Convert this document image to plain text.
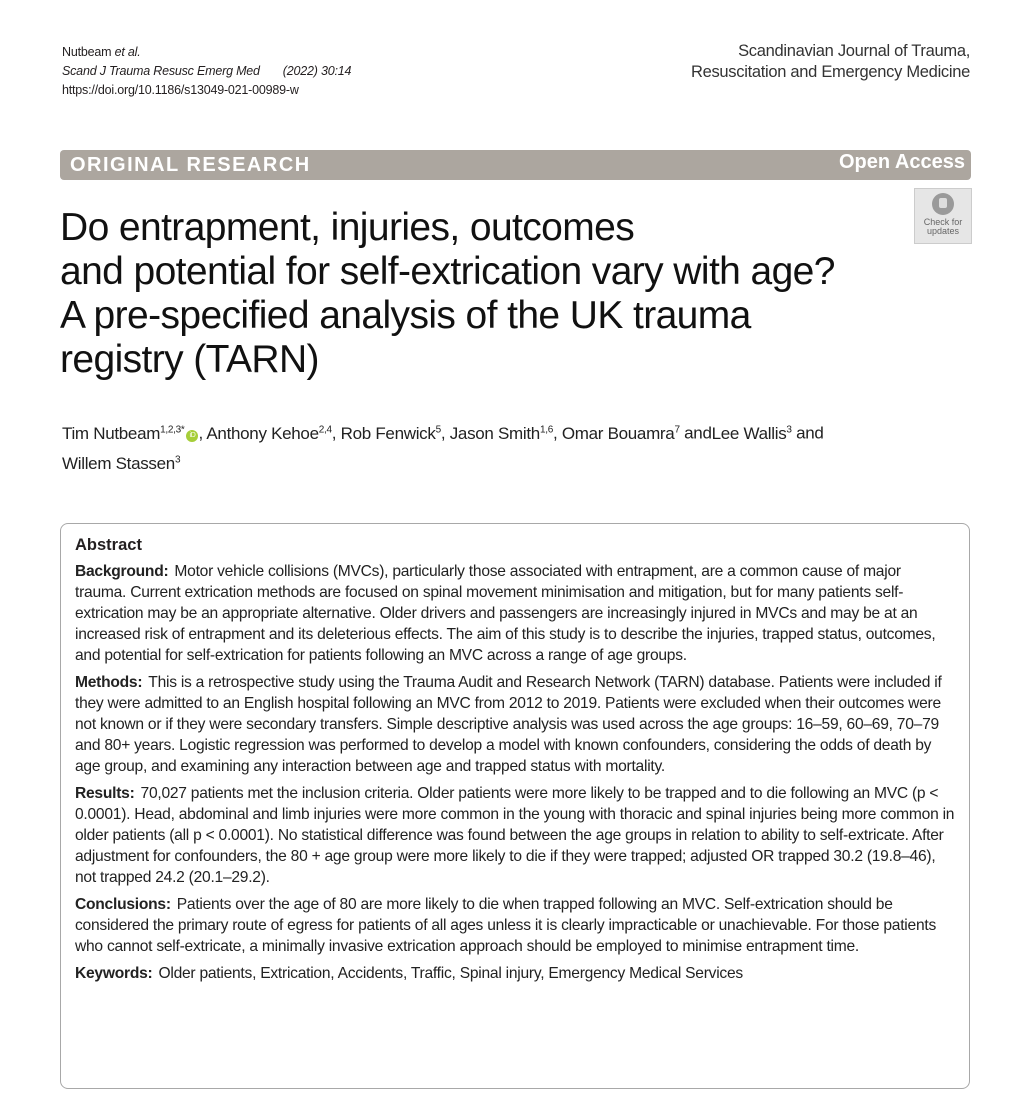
Nutbeam et al.
Scand J Trauma Resusc Emerg Med (2022) 30:14
https://doi.org/10.1186/s13049-021-00989-w
Scandinavian Journal of Trauma,
Resuscitation and Emergency Medicine
ORIGINAL RESEARCH	Open Access
Check for
updates
Do entrapment, injuries, outcomes
and potential for self-extrication vary with age?
A pre-specified analysis of the UK trauma
registry (TARN)
Tim Nutbeam$^{1,2,3*}$iD , Anthony Kehoe$^{2,4}$, Rob Fenwick$^5$, Jason Smith$^{1,6}$, Omar Bouamra$^7$ andLee Wallis$^3$ and
Willem Stassen$^3$
Abstract

Background: Motor vehicle collisions (MVCs), particularly those associated with entrapment, are a common cause of major trauma. Current extrication methods are focused on spinal movement minimisation and mitigation, but for many patients self-extrication may be an appropriate alternative. Older drivers and passengers are increasingly injured in MVCs and may be at an increased risk of entrapment and its deleterious effects. The aim of this study is to describe the injuries, trapped status, outcomes, and potential for self-extrication for patients following an MVC across a range of age groups.

Methods: This is a retrospective study using the Trauma Audit and Research Network (TARN) database. Patients were included if they were admitted to an English hospital following an MVC from 2012 to 2019. Patients were excluded when their outcomes were not known or if they were secondary transfers. Simple descriptive analysis was used across the age groups: 16–59, 60–69, 70–79 and 80+ years. Logistic regression was performed to develop a model with known confounders, considering the odds of death by age group, and examining any interaction between age and trapped status with mortality.

Results: 70,027 patients met the inclusion criteria. Older patients were more likely to be trapped and to die following an MVC (p < 0.0001). Head, abdominal and limb injuries were more common in the young with thoracic and spinal injuries being more common in older patients (all p < 0.0001). No statistical difference was found between the age groups in relation to ability to self-extricate. After adjustment for confounders, the 80 + age group were more likely to die if they were trapped; adjusted OR trapped 30.2 (19.8–46), not trapped 24.2 (20.1–29.2).

Conclusions: Patients over the age of 80 are more likely to die when trapped following an MVC. Self-extrication should be considered the primary route of egress for patients of all ages unless it is clearly impracticable or unachievable. For those patients who cannot self-extricate, a minimally invasive extrication approach should be employed to minimise entrapment time.

Keywords: Older patients, Extrication, Accidents, Traffic, Spinal injury, Emergency Medical Services
